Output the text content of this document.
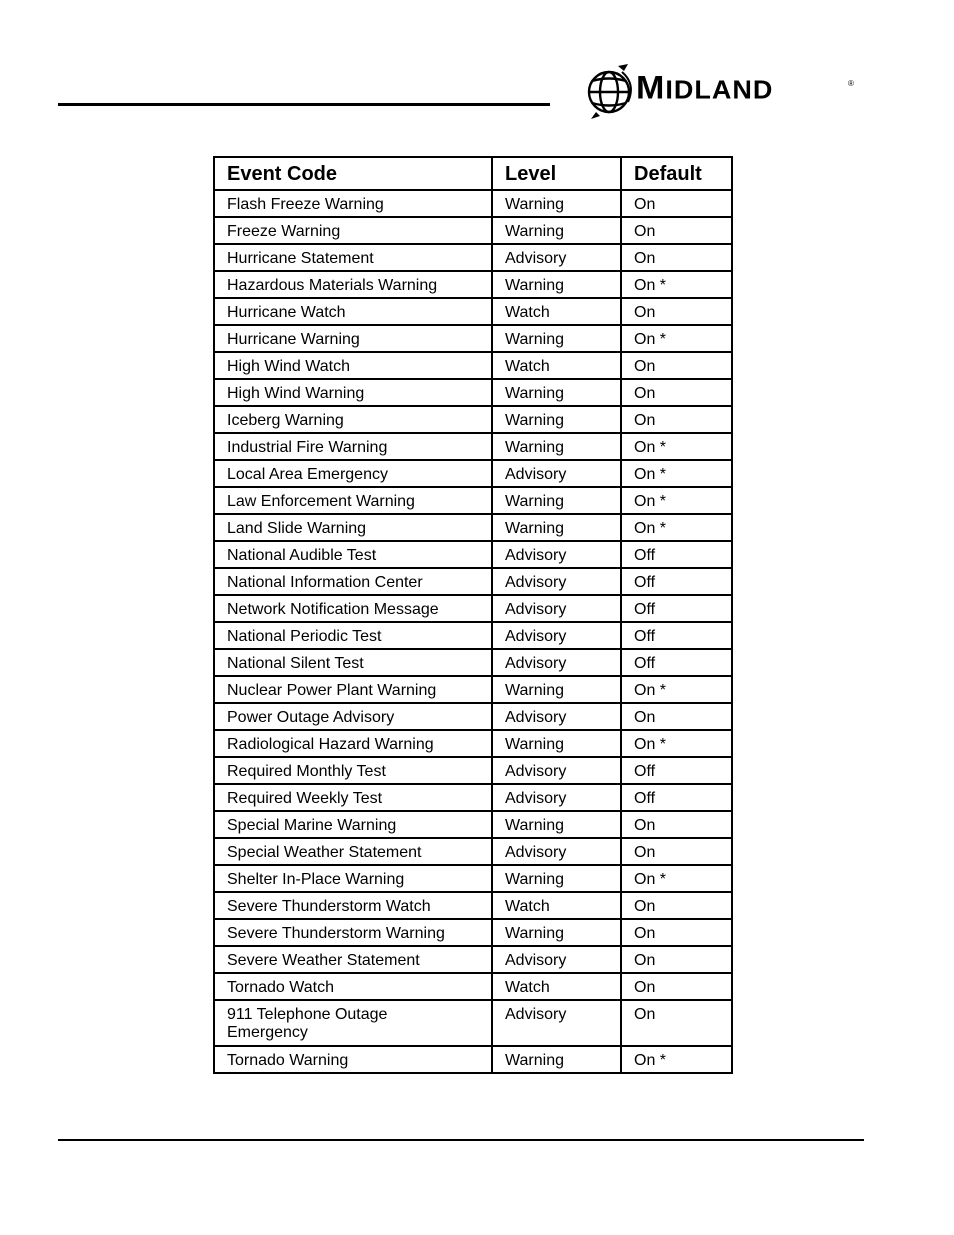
MIDLAND	®
Event Code	Level	Default
Flash Freeze Warning	Warning	On
Freeze Warning	Warning	On
Hurricane Statement	Advisory	On
Hazardous Materials Warning	Warning	On *
Hurricane Watch	Watch	On
Hurricane Warning	Warning	On *
High Wind Watch	Watch	On
High Wind Warning	Warning	On
Iceberg Warning	Warning	On
Industrial Fire Warning	Warning	On *
Local Area Emergency	Advisory	On *
Law Enforcement Warning	Warning	On *
Land Slide Warning	Warning	On *
National Audible Test	Advisory	Off
National Information Center	Advisory	Off
Network Notification Message	Advisory	Off
National Periodic Test	Advisory	Off
National Silent Test	Advisory	Off
Nuclear Power Plant Warning	Warning	On *
Power Outage Advisory	Advisory	On
Radiological Hazard Warning	Warning	On *
Required Monthly Test	Advisory	Off
Required Weekly Test	Advisory	Off
Special Marine Warning	Warning	On
Special Weather Statement	Advisory	On
Shelter In-Place Warning	Warning	On *
Severe Thunderstorm Watch	Watch	On
Severe Thunderstorm Warning	Warning	On
Severe Weather Statement	Advisory	On
Tornado Watch	Watch	On
911 Telephone Outage
Emergency	Advisory	On
Tornado Warning	Warning	On *
